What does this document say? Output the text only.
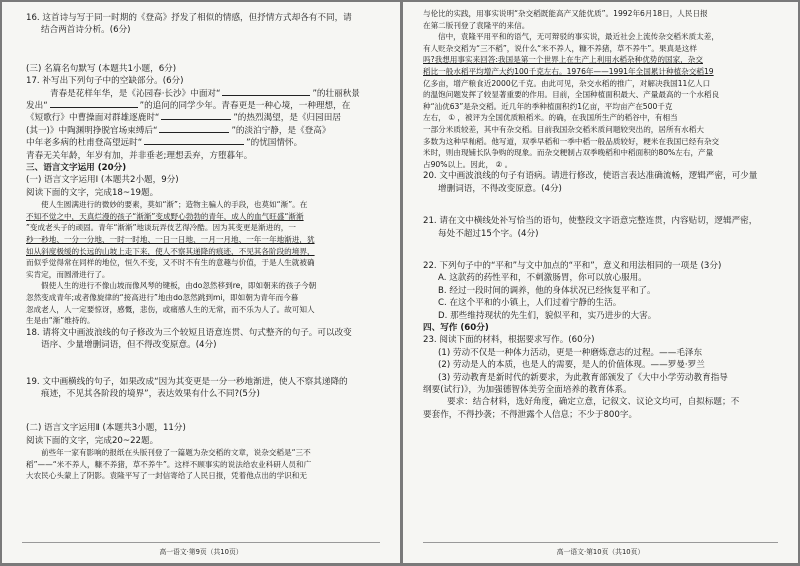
16. 这首诗与写于同一时期的《登高》抒发了相似的情感，但抒情方式却各有不同，请
结合两首诗分析。(6分)
(三) 名篇名句默写 (本题共1小题，6分)
17. 补写出下列句子中的空缺部分。(6分)
青春是花样年华，是《沁园春·长沙》中面对“	”的壮丽秋景
发出“	”的追问的同学少年。青春更是一种心境，一种理想，在
《短歌行》中曹操面对群雄逐鹿时“	”的热烈渴望，是《归园田居
(其一)》中陶渊明挣脱官场束缚后“	”的淡泊宁静，是《登高》
中年老多病的杜甫登高望远时“	”的忧国情怀。
青春无关年龄，年岁有加，并非垂老;理想丢弃，方堕暮年。
三、语言文字运用 (20分)
(一) 语言文字运用Ⅰ (本题共2小题，9分)
阅读下面的文字，完成18~19题。
使人生圆满进行的微妙的要素，莫如“渐”；造物主骗人的手段，也莫如“渐”。在
不知不觉之中，天真烂漫的孩子“渐渐”变成野心勃勃的青年，成人的血气旺盛“渐渐
”变成老头子的顽固。青年“渐渐”地谈玩弄伎艺得冷酷。因为其变更是渐进的，一
秒一秒地、一分一分地、一时一时地、一日一日地、一月一月地、一年一年地渐进，犹
如从斜度极缓的长远的山坡上走下来，使人不察其递降的痕迹，不见其各阶段的境界，
而似乎觉得常在同样的地位，恒久不变，又不时不有生的意趣与价值，于是人生就被确
实肯定，而圆滑进行了。
假使人生的进行不像山坡而像风琴的键板，由do忽然移到re，即如朝来的孩子今朝
忽然变成青年;或者像旋律的“接高进行”地由do忽然跳到mi，即如朝为青年而今暮
忽成老人，人一定要惊讶，感慨，悲伤，或痛感人生的无常，而不乐为人了。故可知人
生是由“渐”维持的。
18. 请将文中画波浪线的句子修改为三个较短且语意连贯、句式整齐的句子。可以改变
语序、少量增删词语，但不得改变原意。(4分)
19. 文中画横线的句子，如果改成“因为其变更是一分一秒地渐进，使人不察其递降的
痕迹，不见其各阶段的境界”，表达效果有什么不同?(5分)
(二) 语言文字运用Ⅱ (本题共3小题，11分)
阅读下面的文字，完成20~22题。
前些年一家有影响的报纸在头版刊登了一篇题为杂交稻的文章，说杂交稻是“三不
稻”——“米不养人，糠不养猪，草不养牛”。这样不顾事实的说法给农业科研人员和广
大农民心头蒙上了阴影。袁隆平写了一封信寄给了人民日报，凭着他点出的学识和无
高一语文·第9页（共10页）
与伦比的实践，用事实说明“杂交稻既能高产又能优质”。1992年6月18日，人民日报
在第二版刊登了袁隆平的来信。
信中，袁隆平用平和的语气，无可辩驳的事实说，最近社会上流传杂交稻米质太差，
有人贬杂交稻为“三不稻”，说什么“米不养人，糠不养猪，草不养牛”。果真是这样
吗?我想用事实来回答:我国是第一个世界上在生产上利用水稻杂种优势的国家，杂交
稻比一般水稻平均增产大约100千克左右。1976年——1991年全国累计种植杂交稻19
亿多亩，增产粮食近2000亿千克。由此可见，杂交水稻的推广，对解决我国11亿人口
的温饱问题发挥了较显著重要的作用。目前，全国种植面积最大、产量最高的一个水稻良
种“汕优63”是杂交稻。近几年的季种植面积约1亿亩，平均亩产在500千克
左右， ① ，被评为全国优质粮稻米。的确，在我国所生产的稻谷中，有相当
一部分米质较差，其中有杂交稻。目前我国杂交稻米质问题较突出的，居所有水稻大
多数为这种早籼稻。他写道，双季早稻和一季中稻一般品质较好，粳米在我国已经有杂交
米时，则由现铺长队争购的现象。而杂交粳制占双季晚稻和中稻面积的80%左右，产量
占90%以上。因此， ② 。
20. 文中画波浪线的句子有语病。请进行修改，使语言表达准确流畅，逻辑严密，可少量
增删词语，不得改变原意。(4分)
21. 请在文中横线处补写恰当的语句，使整段文字语意完整连贯，内容贴切，逻辑严密，
每处不超过15个字。(4分)
22. 下列句子中的“平和”与文中加点的“平和”，意义和用法相同的一项是 (3分)
A. 这款药的药性平和，不刺激肠胃，你可以放心服用。
B. 经过一段时间的调养，他的身体状况已经恢复平和了。
C. 在这个平和的小镇上，人们过着宁静的生活。
D. 那些维持现状的先生们，貌似平和，实乃进步的大害。
四、写作 (60分)
23. 阅读下面的材料，根据要求写作。(60分)
(1) 劳动不仅是一种体力活动，更是一种磨炼意志的过程。——毛泽东
(2) 劳动是人的本质，也是人的需要，是人的价值体现。——罗曼·罗兰
(3) 劳动教育是新时代的新要求，为此教育部颁发了《大中小学劳动教育指导
纲要(试行)》，为加强德智体美劳全面培养的教育体系。
要求：结合材料，选好角度，确定立意，记叙文、议论文均可，自拟标题；不
要套作，不得抄袭；不得泄露个人信息；不少于800字。
高一语文·第10页（共10页）
